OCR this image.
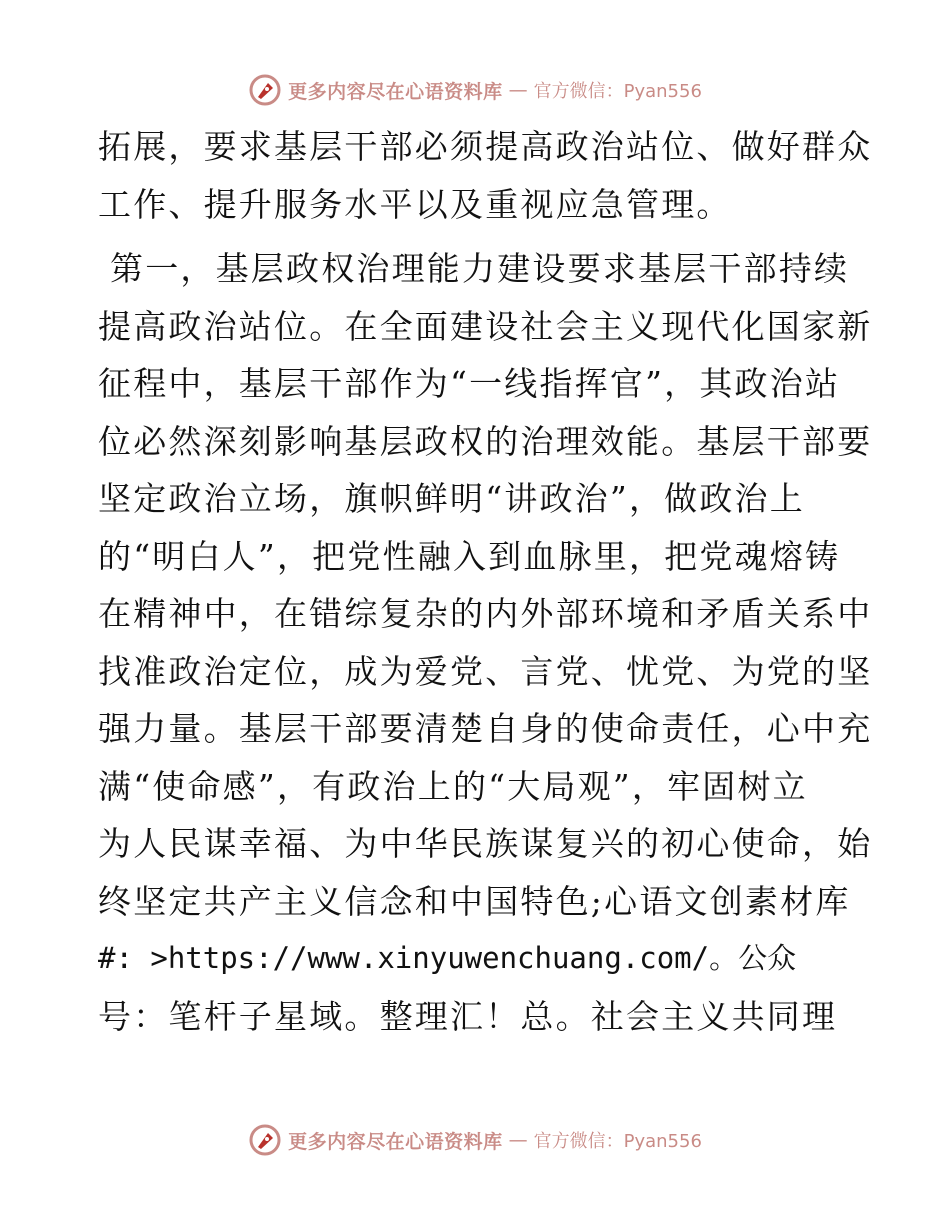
更多内容尽在心语资料库 — 官方微信：Pyan556
拓展，要求基层干部必须提高政治站位、做好群众
工作、提升服务水平以及重视应急管理。
第一，基层政权治理能力建设要求基层干部持续
提高政治站位。在全面建设社会主义现代化国家新
征程中，基层干部作为“一线指挥官”，其政治站
位必然深刻影响基层政权的治理效能。基层干部要
坚定政治立场，旗帜鲜明“讲政治”，做政治上
的“明白人”，把党性融入到血脉里，把党魂熔铸
在精神中，在错综复杂的内外部环境和矛盾关系中
找准政治定位，成为爱党、言党、忧党、为党的坚
强力量。基层干部要清楚自身的使命责任，心中充
满“使命感”，有政治上的“大局观”，牢固树立
为人民谋幸福、为中华民族谋复兴的初心使命，始
终坚定共产主义信念和中国特色;心语文创素材库
#: >https://www.xinyuwenchuang.com/。公众
号：笔杆子星域。整理汇！总。社会主义共同理
更多内容尽在心语资料库 — 官方微信：Pyan556
